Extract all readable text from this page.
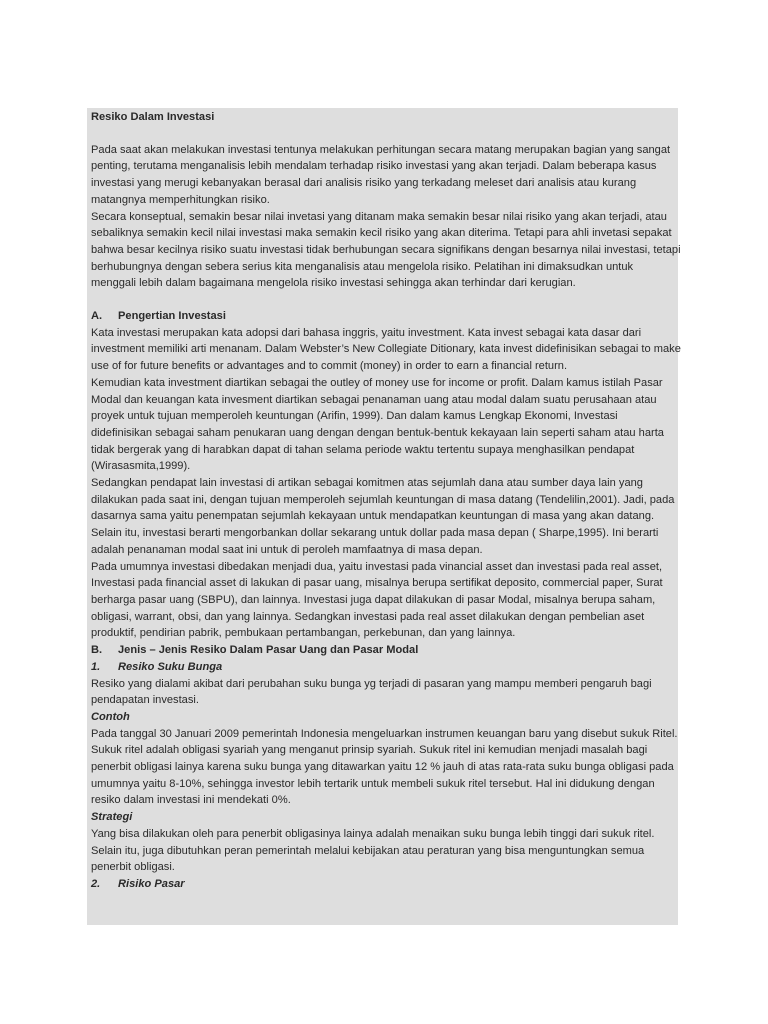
Resiko Dalam Investasi

Pada saat akan melakukan investasi tentunya melakukan perhitungan secara matang merupakan bagian yang sangat penting, terutama menganalisis lebih mendalam terhadap risiko investasi yang akan terjadi. Dalam beberapa kasus investasi yang merugi kebanyakan berasal dari analisis risiko yang terkadang meleset dari analisis atau kurang matangnya memperhitungkan risiko.

Secara konseptual, semakin besar nilai invetasi yang ditanam maka semakin besar nilai risiko yang akan terjadi, atau sebaliknya semakin kecil nilai investasi maka semakin kecil risiko yang akan diterima. Tetapi para ahli invetasi sepakat bahwa besar kecilnya risiko suatu investasi tidak berhubungan secara signifikans dengan besarnya nilai investasi, tetapi berhubungnya dengan sebera serius kita menganalisis atau mengelola risiko. Pelatihan ini dimaksudkan untuk menggali lebih dalam bagaimana mengelola risiko investasi sehingga akan terhindar dari kerugian.

A.	Pengertian Investasi

Kata investasi merupakan kata adopsi dari bahasa inggris, yaitu investment. Kata invest sebagai kata dasar dari investment memiliki arti menanam. Dalam Webster’s New Collegiate Ditionary, kata invest didefinisikan sebagai to make use of for future benefits or advantages and to commit (money) in order to earn a financial return.

Kemudian kata investment diartikan sebagai the outley of money use for income or profit. Dalam kamus istilah Pasar Modal dan keuangan kata invesment diartikan sebagai penanaman uang atau modal dalam suatu perusahaan atau proyek untuk tujuan memperoleh keuntungan (Arifin, 1999). Dan dalam kamus Lengkap Ekonomi, Investasi didefinisikan sebagai saham penukaran uang dengan dengan bentuk-bentuk kekayaan lain seperti saham atau harta tidak bergerak yang di harabkan dapat di tahan selama periode waktu tertentu supaya menghasilkan pendapat (Wirasasmita,1999).

Sedangkan pendapat lain investasi di artikan sebagai komitmen atas sejumlah dana atau sumber daya lain yang dilakukan pada saat ini, dengan tujuan memperoleh sejumlah keuntungan di masa datang (Tendelilin,2001). Jadi, pada dasarnya sama yaitu penempatan sejumlah kekayaan untuk mendapatkan keuntungan di masa yang akan datang.

Selain itu, investasi berarti mengorbankan dollar sekarang untuk dollar pada masa depan ( Sharpe,1995). Ini berarti adalah penanaman modal saat ini untuk di peroleh mamfaatnya di masa depan.

Pada umumnya investasi dibedakan menjadi dua, yaitu investasi pada vinancial asset dan investasi pada real asset, Investasi pada financial asset di lakukan di pasar uang, misalnya berupa sertifikat deposito, commercial paper, Surat berharga pasar uang (SBPU), dan lainnya. Investasi juga dapat dilakukan di pasar Modal, misalnya berupa saham, obligasi, warrant, obsi, dan yang lainnya. Sedangkan investasi pada real asset dilakukan dengan pembelian aset produktif, pendirian pabrik, pembukaan pertambangan, perkebunan, dan yang lainnya.

B.	Jenis – Jenis Resiko Dalam Pasar Uang dan Pasar Modal
1.	Resiko Suku Bunga

Resiko yang dialami akibat dari perubahan suku bunga yg terjadi di pasaran yang mampu memberi pengaruh bagi pendapatan investasi.

Contoh

Pada tanggal 30 Januari 2009 pemerintah Indonesia mengeluarkan instrumen keuangan baru yang disebut sukuk Ritel. Sukuk ritel adalah obligasi syariah yang menganut prinsip syariah. Sukuk ritel ini kemudian menjadi masalah bagi penerbit obligasi lainya karena suku bunga yang ditawarkan yaitu 12 % jauh di atas rata-rata suku bunga obligasi pada umumnya yaitu 8-10%, sehingga investor lebih tertarik untuk membeli sukuk ritel tersebut. Hal ini didukung dengan resiko dalam investasi ini mendekati 0%.

Strategi

Yang bisa dilakukan oleh para penerbit obligasinya lainya adalah menaikan suku bunga lebih tinggi dari sukuk ritel. Selain itu, juga dibutuhkan peran pemerintah melalui kebijakan atau peraturan yang bisa menguntungkan semua penerbit obligasi.

2.	Risiko Pasar
